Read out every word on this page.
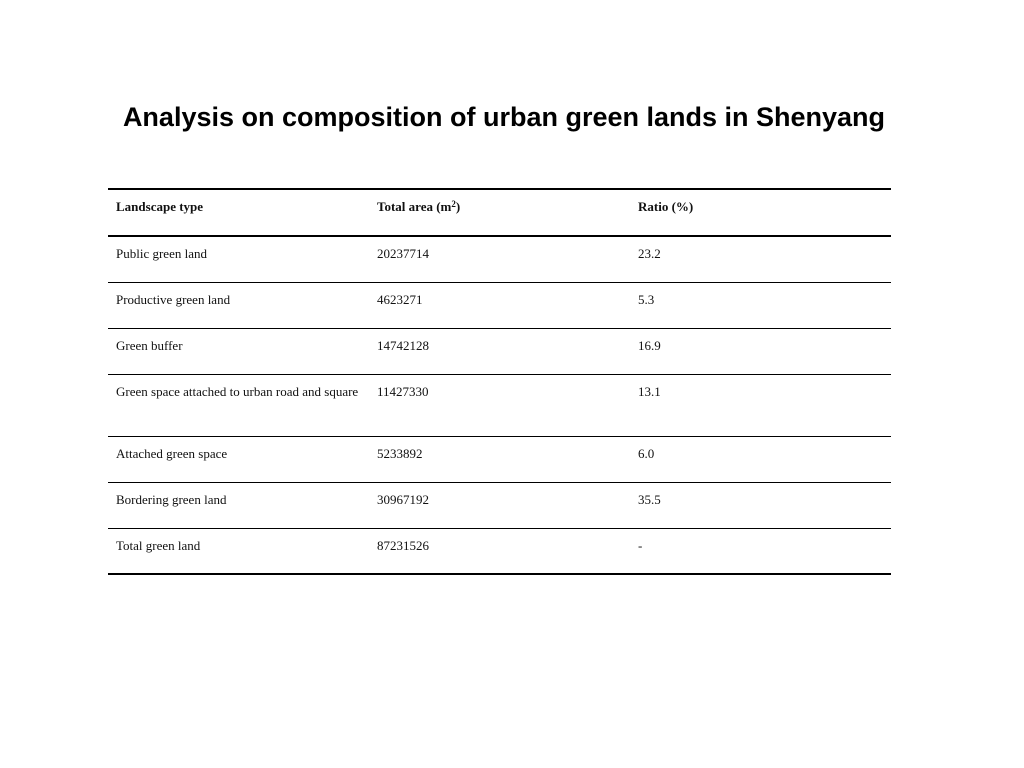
Analysis on composition of urban green lands in Shenyang
Landscape type	Total area $(m^2)$	Ratio (%)
Public green land	20237714	23.2
Productive green land	4623271	5.3
Green buffer	14742128	16.9
Green space attached to urban road and square	11427330	13.1
Attached green space	5233892	6.0
Bordering green land	30967192	35.5
Total green land	87231526	-
